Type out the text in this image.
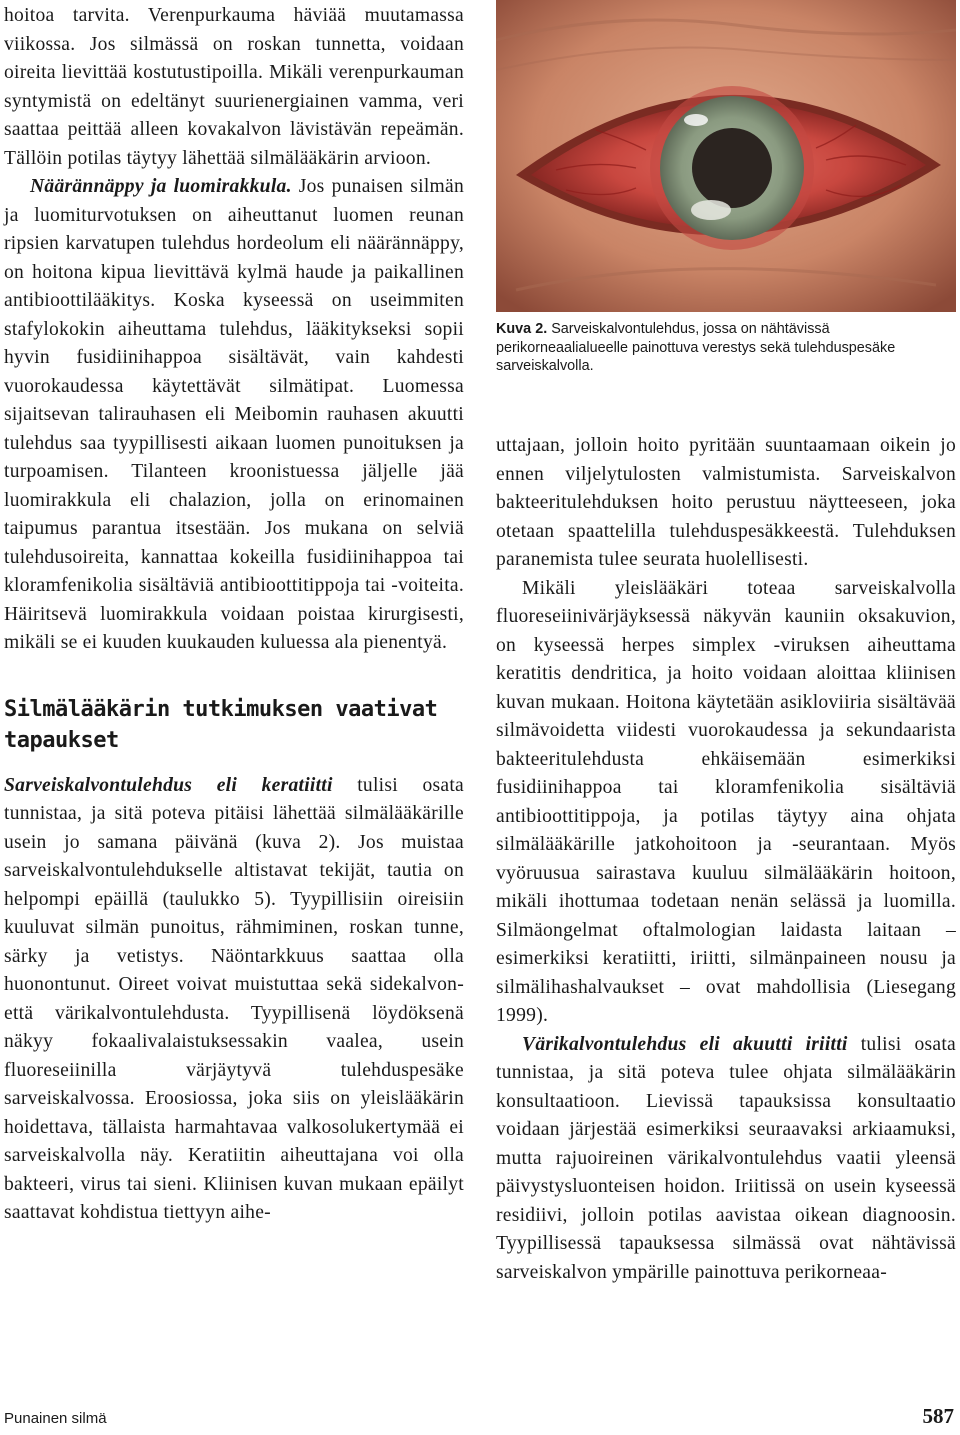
hoitoa tarvita. Verenpurkauma häviää muutamassa viikossa. Jos silmässä on roskan tunnetta, voidaan oireita lievittää kostutustipoilla. Mikäli verenpurkauman syntymistä on edeltänyt suurienergiainen vamma, veri saattaa peittää alleen kovakalvon lävistävän repeämän. Tällöin potilas täytyy lähettää silmälääkärin arvioon.

Näärännäppy ja luomirakkula. Jos punaisen silmän ja luomiturvotuksen on aiheuttanut luomen reunan ripsien karvatupen tulehdus hordeolum eli näärännäppy, on hoitona kipua lievittävä kylmä haude ja paikallinen antibioottilääkitys. Koska kyseessä on useimmiten stafylokokin aiheuttama tulehdus, lääkitykseksi sopii hyvin fusidiinihappoa sisältävät, vain kahdesti vuorokaudessa käytettävät silmätipat. Luomessa sijaitsevan talirauhasen eli Meibomin rauhasen akuutti tulehdus saa tyypillisesti aikaan luomen punoituksen ja turpoamisen. Tilanteen kroonistuessa jäljelle jää luomirakkula eli chalazion, jolla on erinomainen taipumus parantua itsestään. Jos mukana on selviä tulehdusoireita, kannattaa kokeilla fusidiinihappoa tai kloramfenikolia sisältäviä antibioottitippoja tai -voiteita. Häiritsevä luomirakkula voidaan poistaa kirurgisesti, mikäli se ei kuuden kuukauden kuluessa ala pienentyä.

Silmälääkärin tutkimuksen vaativat
tapaukset

Sarveiskalvontulehdus eli keratiitti tulisi osata tunnistaa, ja sitä poteva pitäisi lähettää silmälääkärille usein jo samana päivänä (kuva 2). Jos muistaa sarveiskalvontulehdukselle altistavat tekijät, tautia on helpompi epäillä (taulukko 5). Tyypillisiin oireisiin kuuluvat silmän punoitus, rähmiminen, roskan tunne, särky ja vetistys. Näöntarkkuus saattaa olla huonontunut. Oireet voivat muistuttaa sekä sidekalvon- että värikalvontulehdusta. Tyypillisenä löydöksenä näkyy fokaalivalaistuksessakin vaalea, usein fluoreseiinilla värjäytyvä tulehduspesäke sarveiskalvossa. Eroosiossa, joka siis on yleislääkärin hoidettava, tällaista harmahtavaa valkosolukertymää ei sarveiskalvolla näy. Keratiitin aiheuttajana voi olla bakteeri, virus tai sieni. Kliinisen kuvan mukaan epäilyt saattavat kohdistua tiettyyn aihe-

Kuva 2. Sarveiskalvontulehdus, jossa on nähtävissä perikorneaalialueelle painottuva verestys sekä tulehduspesäke sarveiskalvolla.

uttajaan, jolloin hoito pyritään suuntaamaan oikein jo ennen viljelytulosten valmistumista. Sarveiskalvon bakteeritulehduksen hoito perustuu näytteeseen, joka otetaan spaattelilla tulehduspesäkkeestä. Tulehduksen paranemista tulee seurata huolellisesti.

Mikäli yleislääkäri toteaa sarveiskalvolla fluoreseiinivärjäyksessä näkyvän kauniin oksakuvion, on kyseessä herpes simplex -viruksen aiheuttama keratitis dendritica, ja hoito voidaan aloittaa kliinisen kuvan mukaan. Hoitona käytetään asikloviiria sisältävää silmävoidetta viidesti vuorokaudessa ja sekundaarista bakteeritulehdusta ehkäisemään esimerkiksi fusidiinihappoa tai kloramfenikolia sisältäviä antibioottitippoja, ja potilas täytyy aina ohjata silmälääkärille jatkohoitoon ja -seurantaan. Myös vyöruusua sairastava kuuluu silmälääkärin hoitoon, mikäli ihottumaa todetaan nenän selässä ja luomilla. Silmäongelmat oftalmologian laidasta laitaan – esimerkiksi keratiitti, iriitti, silmänpaineen nousu ja silmälihashalvaukset – ovat mahdollisia (Liesegang 1999).

Värikalvontulehdus eli akuutti iriitti tulisi osata tunnistaa, ja sitä poteva tulee ohjata silmälääkärin konsultaatioon. Lievissä tapauksissa konsultaatio voidaan järjestää esimerkiksi seuraavaksi arkiaamuksi, mutta rajuoireinen värikalvontulehdus vaatii yleensä päivystysluonteisen hoidon. Iriitissä on usein kyseessä residiivi, jolloin potilas aavistaa oikean diagnoosin. Tyypillisessä tapauksessa silmässä ovat nähtävissä sarveiskalvon ympärille painottuva perikorneaa-

Punainen silmä	587
